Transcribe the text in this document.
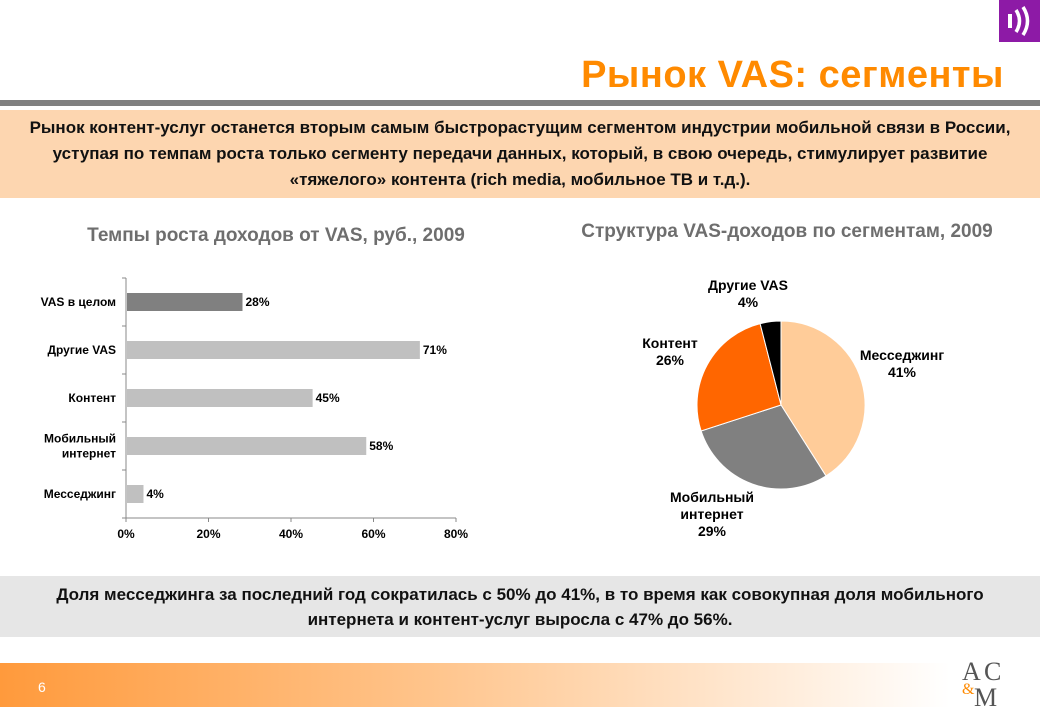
Рынок VAS: сегменты
Рынок контент-услуг останется вторым самым быстрорастущим сегментом индустрии мобильной связи в России, уступая по темпам роста только сегменту передачи данных, который, в свою очередь, стимулирует развитие «тяжелого» контента (rich media, мобильное ТВ и т.д.).
Темпы роста доходов от VAS, руб., 2009
0%	20%	40%	60%	80%
28%
VAS в целом
71%
Другие VAS
45%
Контент
58%
Мобильный интернет
4%
Месседжинг
Структура VAS-доходов по сегментам, 2009
Месседжинг 41%
Мобильный интернет 29%
Контент 26%
Другие VAS 4%
Доля месседжинга за последний год сократилась с 50% до 41%, в то время как совокупная доля мобильного интернета и контент-услуг выросла с 47% до 56%.
6
A C
& M
